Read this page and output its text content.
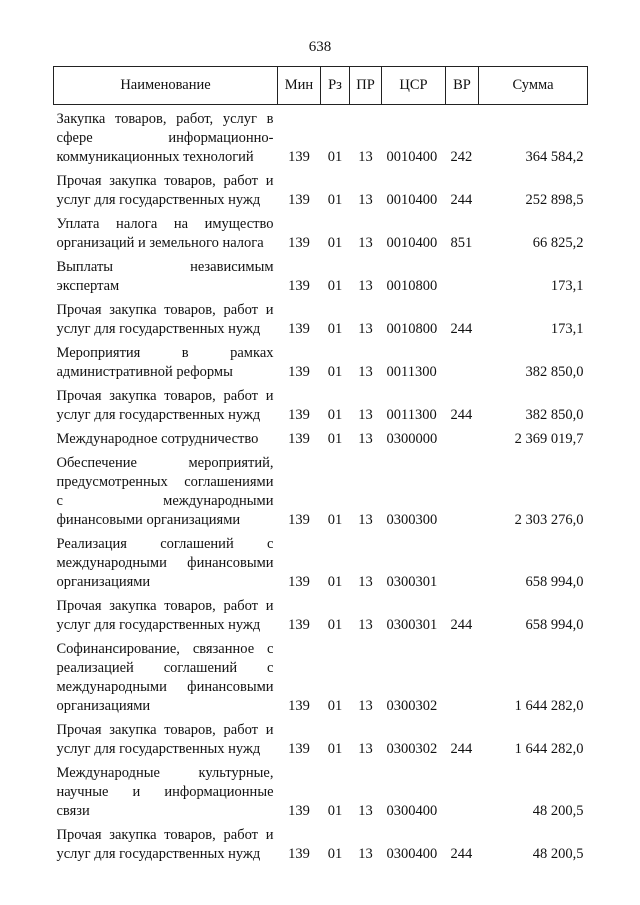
638
Наименование	Мин	Рз	ПР	ЦСР	ВР	Сумма

Закупка товаров, работ, услуг в
сфере информационно-
коммуникационных технологий	139	01	13	0010400	242	364 584,2

Прочая закупка товаров, работ и
услуг для государственных нужд	139	01	13	0010400	244	252 898,5

Уплата налога на имущество
организаций и земельного налога	139	01	13	0010400	851	66 825,2

Выплаты независимым
экспертам	139	01	13	0010800		173,1

Прочая закупка товаров, работ и
услуг для государственных нужд	139	01	13	0010800	244	173,1

Мероприятия в рамках
административной реформы	139	01	13	0011300		382 850,0

Прочая закупка товаров, работ и
услуг для государственных нужд	139	01	13	0011300	244	382 850,0

Международное сотрудничество	139	01	13	0300000		2 369 019,7

Обеспечение мероприятий,
предусмотренных соглашениями
с международными
финансовыми организациями	139	01	13	0300300		2 303 276,0

Реализация соглашений с
международными финансовыми
организациями	139	01	13	0300301		658 994,0

Прочая закупка товаров, работ и
услуг для государственных нужд	139	01	13	0300301	244	658 994,0

Софинансирование, связанное с
реализацией соглашений с
международными финансовыми
организациями	139	01	13	0300302		1 644 282,0

Прочая закупка товаров, работ и
услуг для государственных нужд	139	01	13	0300302	244	1 644 282,0

Международные культурные,
научные и информационные
связи	139	01	13	0300400		48 200,5

Прочая закупка товаров, работ и
услуг для государственных нужд	139	01	13	0300400	244	48 200,5
